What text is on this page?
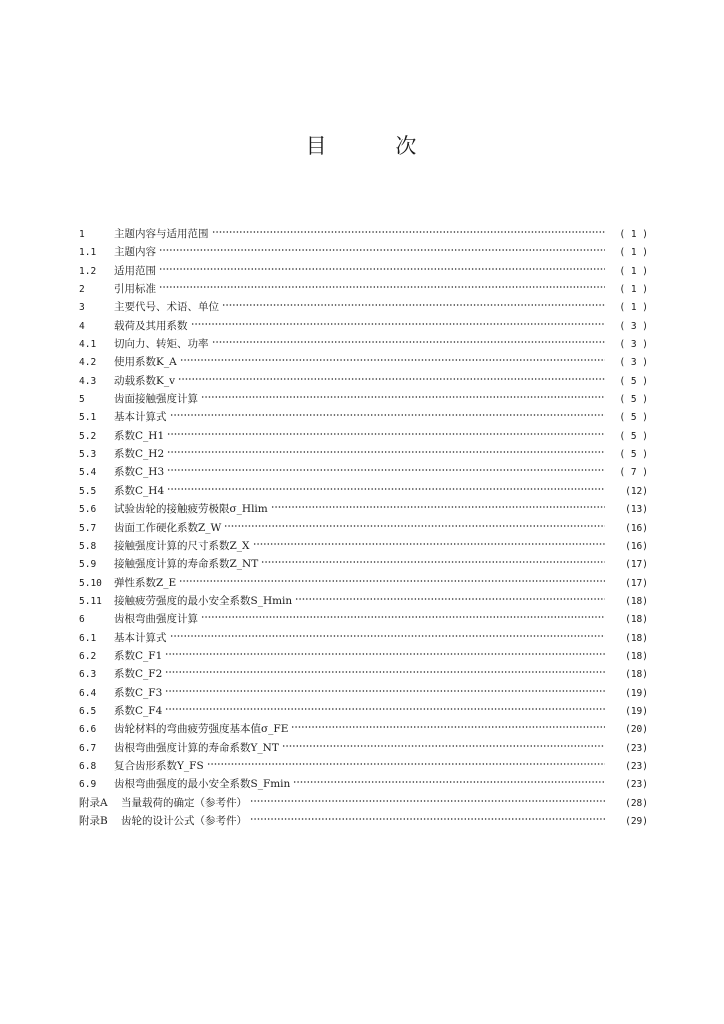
目	次
1	主题内容与适用范围	( 1 )
1.1	主题内容	( 1 )
1.2	适用范围	( 1 )
2	引用标准	( 1 )
3	主要代号、术语、单位	( 1 )
4	载荷及其用系数	( 3 )
4.1	切向力、转矩、功率	( 3 )
4.2	使用系数K_A	( 3 )
4.3	动载系数K_v	( 5 )
5	齿面接触强度计算	( 5 )
5.1	基本计算式	( 5 )
5.2	系数C_H1	( 5 )
5.3	系数C_H2	( 5 )
5.4	系数C_H3	( 7 )
5.5	系数C_H4	(12)
5.6	试验齿轮的接触疲劳极限σ_Hlim	(13)
5.7	齿面工作硬化系数Z_W	(16)
5.8	接触强度计算的尺寸系数Z_X	(16)
5.9	接触强度计算的寿命系数Z_NT	(17)
5.10	弹性系数Z_E	(17)
5.11	接触疲劳强度的最小安全系数S_Hmin	(18)
6	齿根弯曲强度计算	(18)
6.1	基本计算式	(18)
6.2	系数C_F1	(18)
6.3	系数C_F2	(18)
6.4	系数C_F3	(19)
6.5	系数C_F4	(19)
6.6	齿轮材料的弯曲疲劳强度基本值σ_FE	(20)
6.7	齿根弯曲强度计算的寿命系数Y_NT	(23)
6.8	复合齿形系数Y_FS	(23)
6.9	齿根弯曲强度的最小安全系数S_Fmin	(23)
附录A	当量载荷的确定（参考件）	(28)
附录B	齿轮的设计公式（参考件）	(29)
